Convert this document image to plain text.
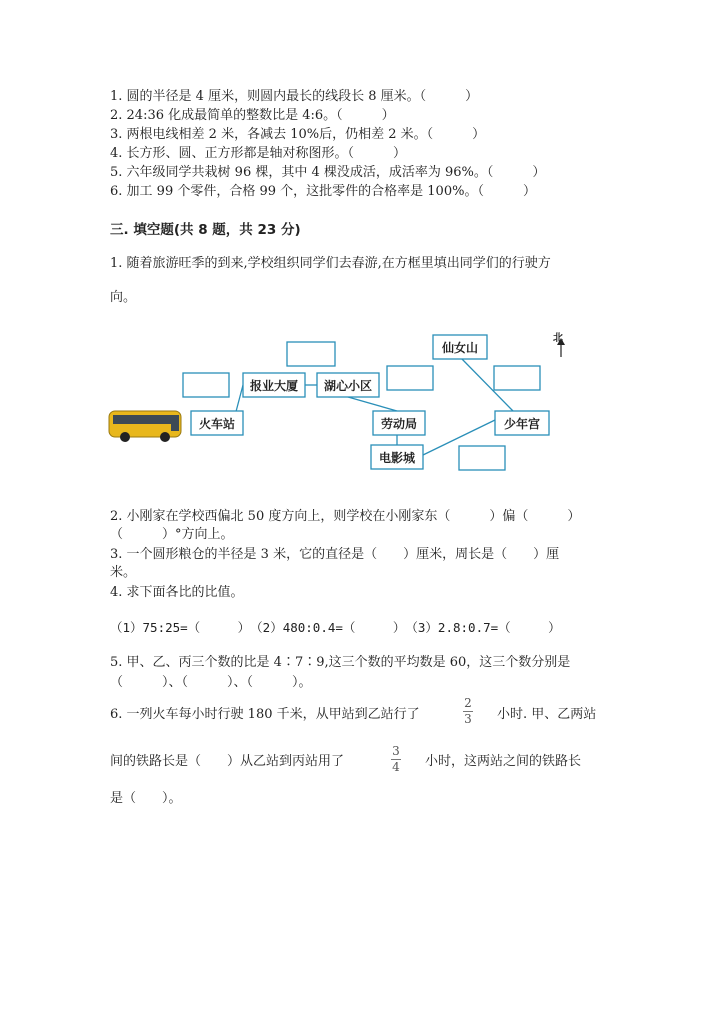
1. 圆的半径是 4 厘米，则圆内最长的线段长 8 厘米。（　　　）
2. 24:36 化成最简单的整数比是 4:6。（　　　）
3. 两根电线相差 2 米，各减去 10%后，仍相差 2 米。（　　　）
4. 长方形、圆、正方形都是轴对称图形。（　　　）
5. 六年级同学共栽树 96 棵，其中 4 棵没成活，成活率为 96%。（　　　）
6. 加工 99 个零件，合格 99 个，这批零件的合格率是 100%。（　　　）
三. 填空题(共 8 题，共 23 分)
1. 随着旅游旺季的到来,学校组织同学们去春游,在方框里填出同学们的行驶方
向。
报业大厦 湖心小区
火车站	劳动局
电影城
仙女山
少年宫
北
2. 小刚家在学校西偏北 50 度方向上，则学校在小刚家东（　　　）偏（　　　）
（　　　）°方向上。
3. 一个圆形粮仓的半径是 3 米，它的直径是（　　）厘米，周长是（　　）厘
米。
4. 求下面各比的比值。
（1）75:25=（　　　）　（2）480:0.4=（　　　）　（3）2.8:0.7=（　　　）
5. 甲、乙、丙三个数的比是 4∶7∶9,这三个数的平均数是 60，这三个数分别是
（　　　）、（　　　）、（　　　）。
6. 一列火车每小时行驶 180 千米，从甲站到乙站行了
2
3 小时. 甲、乙两站
间的铁路长是（　　）从乙站到丙站用了
3
4 小时，这两站之间的铁路长
是（　　）。
